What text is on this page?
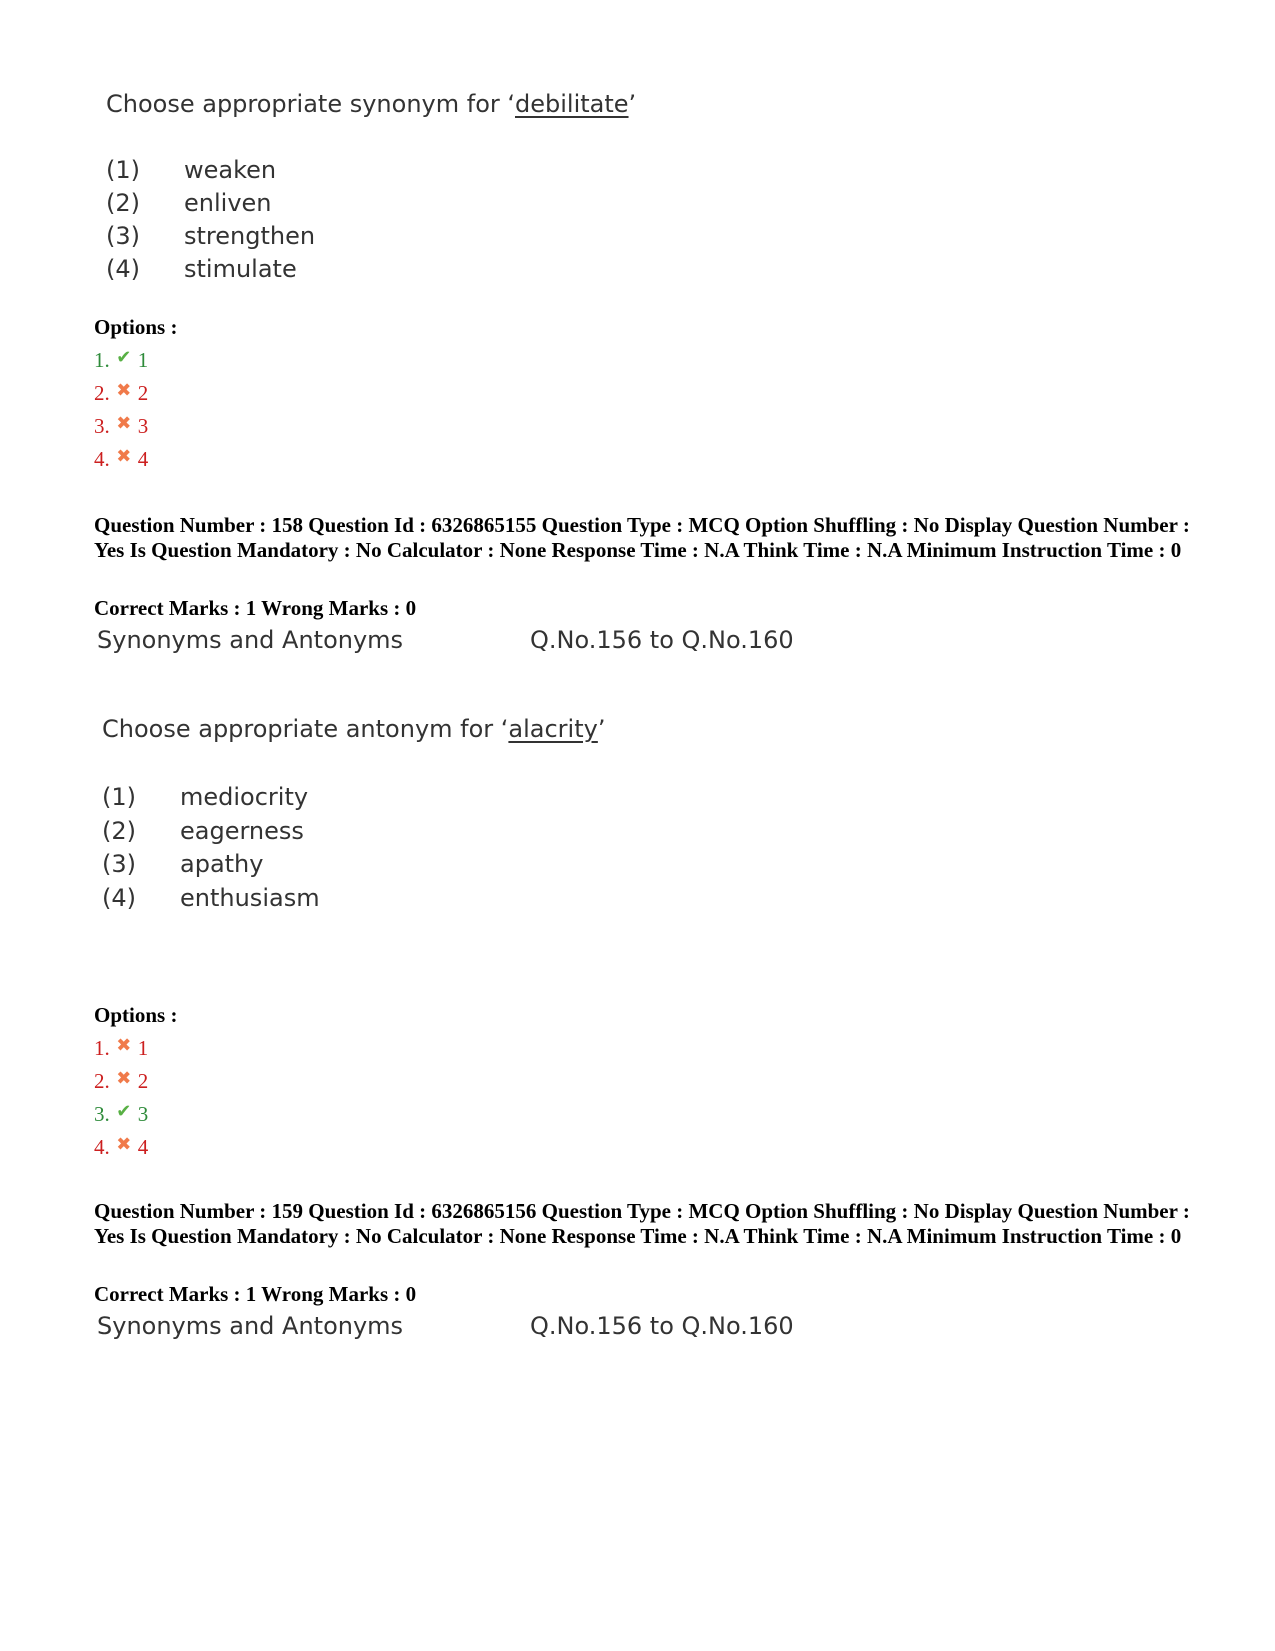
Choose appropriate synonym for ‘debilitate’
(1) weaken
(2) enliven
(3) strengthen
(4) stimulate
Options :
1. ✔ 1
2. ✖ 2
3. ✖ 3
4. ✖ 4
Question Number : 158 Question Id : 6326865155 Question Type : MCQ Option Shuffling : No Display Question Number : Yes Is Question Mandatory : No Calculator : None Response Time : N.A Think Time : N.A Minimum Instruction Time : 0
Correct Marks : 1 Wrong Marks : 0
Synonyms and Antonyms	Q.No.156 to Q.No.160
Choose appropriate antonym for ‘alacrity’
(1) mediocrity
(2) eagerness
(3) apathy
(4) enthusiasm
Options :
1. ✖ 1
2. ✖ 2
3. ✔ 3
4. ✖ 4
Question Number : 159 Question Id : 6326865156 Question Type : MCQ Option Shuffling : No Display Question Number : Yes Is Question Mandatory : No Calculator : None Response Time : N.A Think Time : N.A Minimum Instruction Time : 0
Correct Marks : 1 Wrong Marks : 0
Synonyms and Antonyms	Q.No.156 to Q.No.160
